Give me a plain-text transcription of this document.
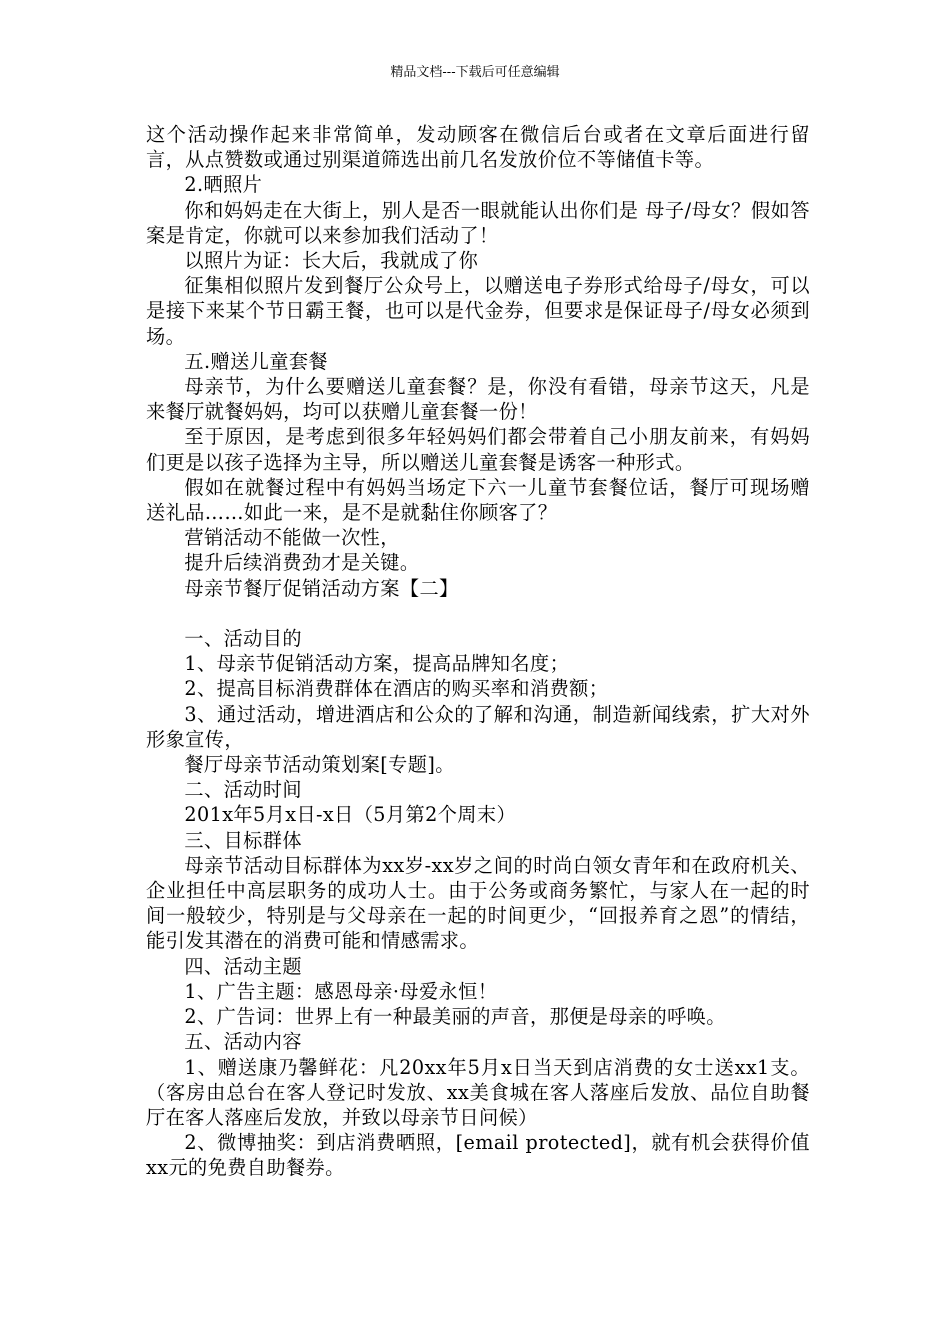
精品文档---下载后可任意编辑

这个活动操作起来非常简单，发动顾客在微信后台或者在文章后面进行留言，从点赞数或通过别渠道筛选出前几名发放价位不等储值卡等。

2.晒照片

你和妈妈走在大街上，别人是否一眼就能认出你们是 母子/母女？假如答案是肯定，你就可以来参加我们活动了！

以照片为证：长大后，我就成了你

征集相似照片发到餐厅公众号上，以赠送电子券形式给母子/母女，可以是接下来某个节日霸王餐，也可以是代金券，但要求是保证母子/母女必须到场。

五.赠送儿童套餐

母亲节，为什么要赠送儿童套餐？是，你没有看错，母亲节这天，凡是来餐厅就餐妈妈，均可以获赠儿童套餐一份！

至于原因，是考虑到很多年轻妈妈们都会带着自己小朋友前来，有妈妈们更是以孩子选择为主导，所以赠送儿童套餐是诱客一种形式。

假如在就餐过程中有妈妈当场定下六一儿童节套餐位话，餐厅可现场赠送礼品……如此一来，是不是就黏住你顾客了？

营销活动不能做一次性，

提升后续消费劲才是关键。

母亲节餐厅促销活动方案【二】

一、活动目的

1、母亲节促销活动方案，提高品牌知名度；

2、提高目标消费群体在酒店的购买率和消费额；

3、通过活动，增进酒店和公众的了解和沟通，制造新闻线索，扩大对外形象宣传，

餐厅母亲节活动策划案[专题]。

二、活动时间

201x年5月x日-x日（5月第2个周末）

三、目标群体

母亲节活动目标群体为xx岁-xx岁之间的时尚白领女青年和在政府机关、企业担任中高层职务的成功人士。由于公务或商务繁忙，与家人在一起的时间一般较少，特别是与父母亲在一起的时间更少，“回报养育之恩”的情结，能引发其潜在的消费可能和情感需求。

四、活动主题

1、广告主题：感恩母亲·母爱永恒！

2、广告词：世界上有一种最美丽的声音，那便是母亲的呼唤。

五、活动内容

1、赠送康乃馨鲜花：凡20xx年5月x日当天到店消费的女士送xx1支。（客房由总台在客人登记时发放、xx美食城在客人落座后发放、品位自助餐厅在客人落座后发放，并致以母亲节日问候）

2、微博抽奖：到店消费晒照，[email protected]，就有机会获得价值xx元的免费自助餐券。
